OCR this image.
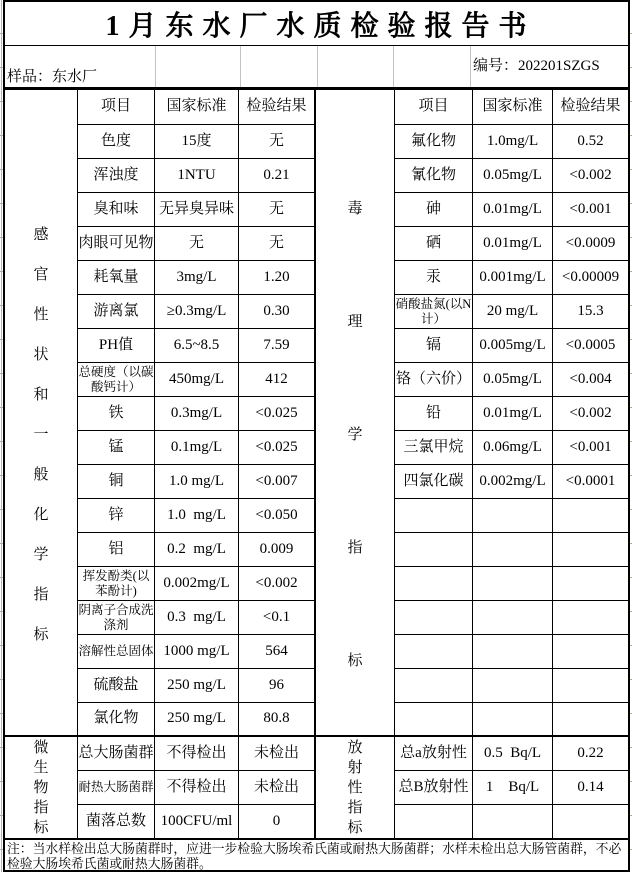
1 月 东 水 厂 水 质 检 验 报 告 书
样品：东水厂
编号：202201SZGS
感
官
性
状
和
一
般
化
学
指
标
微
生
物
指
标
项目	国家标准	检验结果
色度	15度	无
浑浊度	1NTU	0.21
臭和味	无异臭异味	无
肉眼可见物	无	无
耗氧量	3mg/L	1.20
游离氯	≥0.3mg/L	0.30
PH值	6.5~8.5	7.59
总硬度（以碳酸钙计）	450mg/L	412
铁	0.3mg/L	<0.025
锰	0.1mg/L	<0.025
铜	1.0 mg/L	<0.007
锌	1.0  mg/L	<0.050
铝	0.2  mg/L	0.009
挥发酚类(以苯酚计)	0.002mg/L	<0.002
阴离子合成洗涤剂	0.3  mg/L	<0.1
溶解性总固体 1000 mg/L	564
硫酸盐	250 mg/L	96
氯化物	250 mg/L	80.8
总大肠菌群 不得检出	未检出
耐热大肠菌群 不得检出	未检出
菌落总数 100CFU/ml	0
毒
理
学
指
标
放
射
性
指
标
项目	国家标准	检验结果
氟化物	1.0mg/L	0.52
氰化物	0.05mg/L	<0.002
砷	0.01mg/L	<0.001
硒	0.01mg/L	<0.0009
汞	0.001mg/L	<0.00009
硝酸盐氮(以N计）	20 mg/L	15.3
镉	0.005mg/L	<0.0005
铬（六价） 0.05mg/L	<0.004
铅	0.01mg/L	<0.002
三氯甲烷	0.06mg/L	<0.001
四氯化碳	0.002mg/L	<0.0001
总a放射性	0.5  Bq/L	0.22
总B放射性	1    Bq/L	0.14
注：当水样检出总大肠菌群时，应进一步检验大肠埃希氏菌或耐热大肠菌群；水样未检出总大肠管菌群，不必
检验大肠埃希氏菌或耐热大肠菌群。
